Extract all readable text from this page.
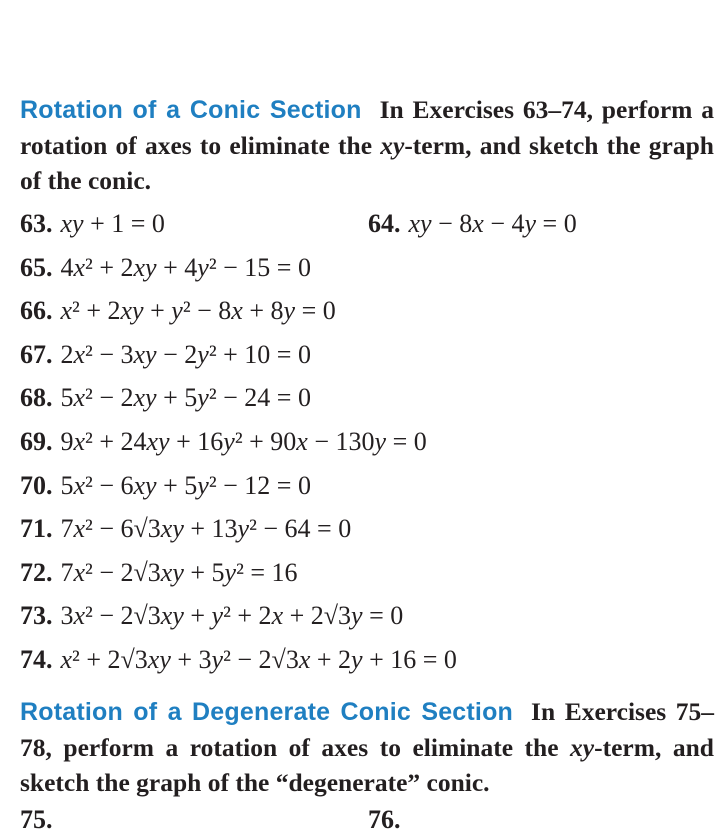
Rotation of a Conic Section In Exercises 63–74, perform a rotation of axes to eliminate the xy-term, and sketch the graph of the conic.

63. xy + 1 = 0	64. xy − 8x − 4y = 0
65. 4x² + 2xy + 4y² − 15 = 0
66. x² + 2xy + y² − 8x + 8y = 0
67. 2x² − 3xy − 2y² + 10 = 0
68. 5x² − 2xy + 5y² − 24 = 0
69. 9x² + 24xy + 16y² + 90x − 130y = 0
70. 5x² − 6xy + 5y² − 12 = 0
71. 7x² − 6√3xy + 13y² − 64 = 0
72. 7x² − 2√3xy + 5y² = 16
73. 3x² − 2√3xy + y² + 2x + 2√3y = 0
74. x² + 2√3xy + 3y² − 2√3x + 2y + 16 = 0

Rotation of a Degenerate Conic Section In Exercises 75–78, perform a rotation of axes to eliminate the xy-term, and sketch the graph of the “degenerate” conic.

75.	76.
